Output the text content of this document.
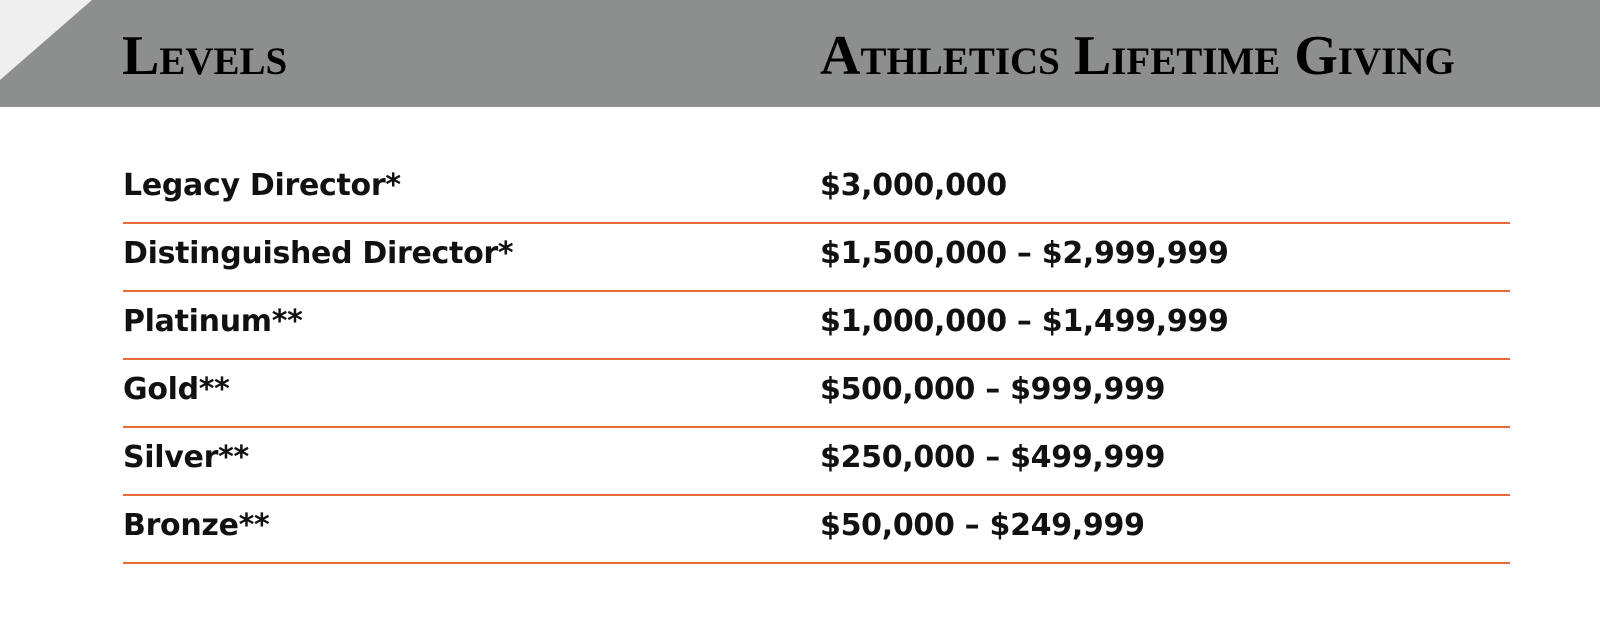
Levels	Athletics Lifetime Giving
Legacy Director*	$3,000,000
Distinguished Director*	$1,500,000 – $2,999,999
Platinum**	$1,000,000 – $1,499,999
Gold**	$500,000 – $999,999
Silver**	$250,000 – $499,999
Bronze**	$50,000 – $249,999
